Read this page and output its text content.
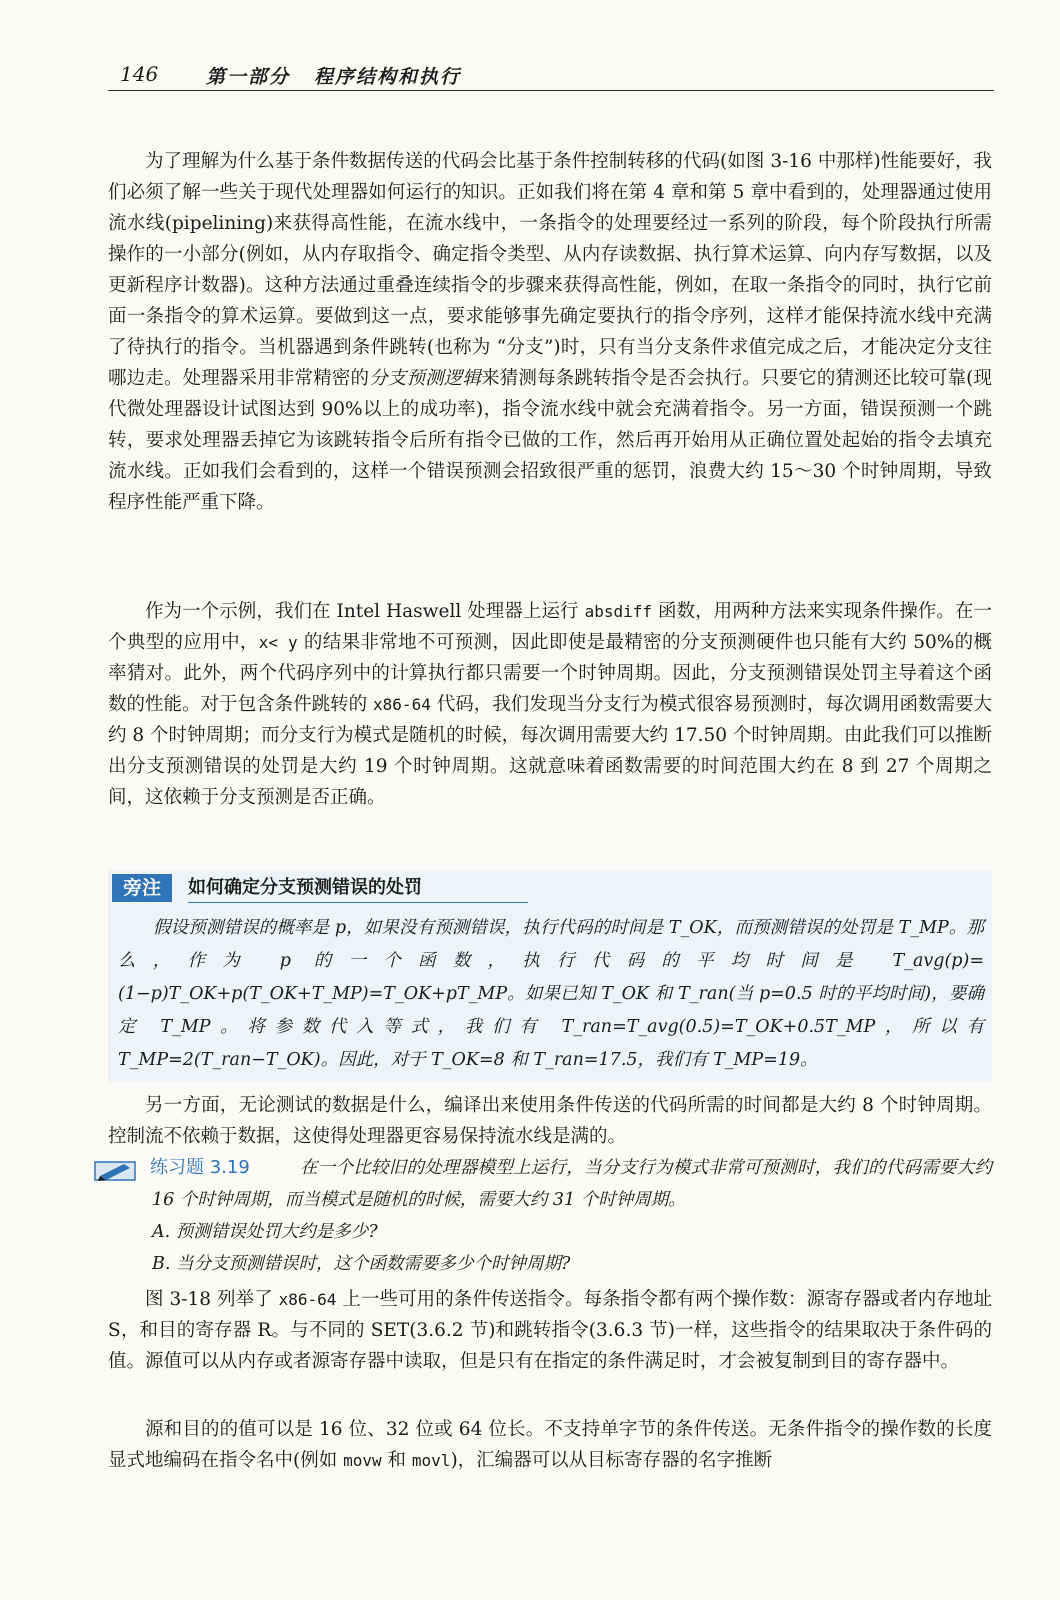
146	第一部分 程序结构和执行

为了理解为什么基于条件数据传送的代码会比基于条件控制转移的代码(如图 3-16 中那样)性能要好，我们必须了解一些关于现代处理器如何运行的知识。正如我们将在第 4 章和第 5 章中看到的，处理器通过使用流水线(pipelining)来获得高性能，在流水线中，一条指令的处理要经过一系列的阶段，每个阶段执行所需操作的一小部分(例如，从内存取指令、确定指令类型、从内存读数据、执行算术运算、向内存写数据，以及更新程序计数器)。这种方法通过重叠连续指令的步骤来获得高性能，例如，在取一条指令的同时，执行它前面一条指令的算术运算。要做到这一点，要求能够事先确定要执行的指令序列，这样才能保持流水线中充满了待执行的指令。当机器遇到条件跳转(也称为 “分支”)时，只有当分支条件求值完成之后，才能决定分支往哪边走。处理器采用非常精密的分支预测逻辑来猜测每条跳转指令是否会执行。只要它的猜测还比较可靠(现代微处理器设计试图达到 90%以上的成功率)，指令流水线中就会充满着指令。另一方面，错误预测一个跳转，要求处理器丢掉它为该跳转指令后所有指令已做的工作，然后再开始用从正确位置处起始的指令去填充流水线。正如我们会看到的，这样一个错误预测会招致很严重的惩罚，浪费大约 15～30 个时钟周期，导致程序性能严重下降。

作为一个示例，我们在 Intel Haswell 处理器上运行 absdiff 函数，用两种方法来实现条件操作。在一个典型的应用中，x< y 的结果非常地不可预测，因此即使是最精密的分支预测硬件也只能有大约 50%的概率猜对。此外，两个代码序列中的计算执行都只需要一个时钟周期。因此，分支预测错误处罚主导着这个函数的性能。对于包含条件跳转的 x86-64 代码，我们发现当分支行为模式很容易预测时，每次调用函数需要大约 8 个时钟周期；而分支行为模式是随机的时候，每次调用需要大约 17.50 个时钟周期。由此我们可以推断出分支预测错误的处罚是大约 19 个时钟周期。这就意味着函数需要的时间范围大约在 8 到 27 个周期之间，这依赖于分支预测是否正确。

旁注	如何确定分支预测错误的处罚

假设预测错误的概率是 p，如果没有预测错误，执行代码的时间是 T_OK，而预测错误的处罚是 T_MP。那么，作为 p 的一个函数，执行代码的平均时间是 T_avg(p)=(1−p)T_OK+p(T_OK+T_MP)=T_OK+pT_MP。如果已知 T_OK 和 T_ran(当 p=0.5 时的平均时间)，要确定 T_MP。将参数代入等式，我们有 T_ran=T_avg(0.5)=T_OK+0.5T_MP，所以有 T_MP=2(T_ran−T_OK)。因此，对于 T_OK=8 和 T_ran=17.5，我们有 T_MP=19。

另一方面，无论测试的数据是什么，编译出来使用条件传送的代码所需的时间都是大约 8 个时钟周期。控制流不依赖于数据，这使得处理器更容易保持流水线是满的。

练习题 3.19	在一个比较旧的处理器模型上运行，当分支行为模式非常可预测时，我们的代码需要大约 16 个时钟周期，而当模式是随机的时候，需要大约 31 个时钟周期。

A. 预测错误处罚大约是多少?

B. 当分支预测错误时，这个函数需要多少个时钟周期?

图 3-18 列举了 x86-64 上一些可用的条件传送指令。每条指令都有两个操作数：源寄存器或者内存地址 S，和目的寄存器 R。与不同的 SET(3.6.2 节)和跳转指令(3.6.3 节)一样，这些指令的结果取决于条件码的值。源值可以从内存或者源寄存器中读取，但是只有在指定的条件满足时，才会被复制到目的寄存器中。

源和目的的值可以是 16 位、32 位或 64 位长。不支持单字节的条件传送。无条件指令的操作数的长度显式地编码在指令名中(例如 movw 和 movl)，汇编器可以从目标寄存器的名字推断
